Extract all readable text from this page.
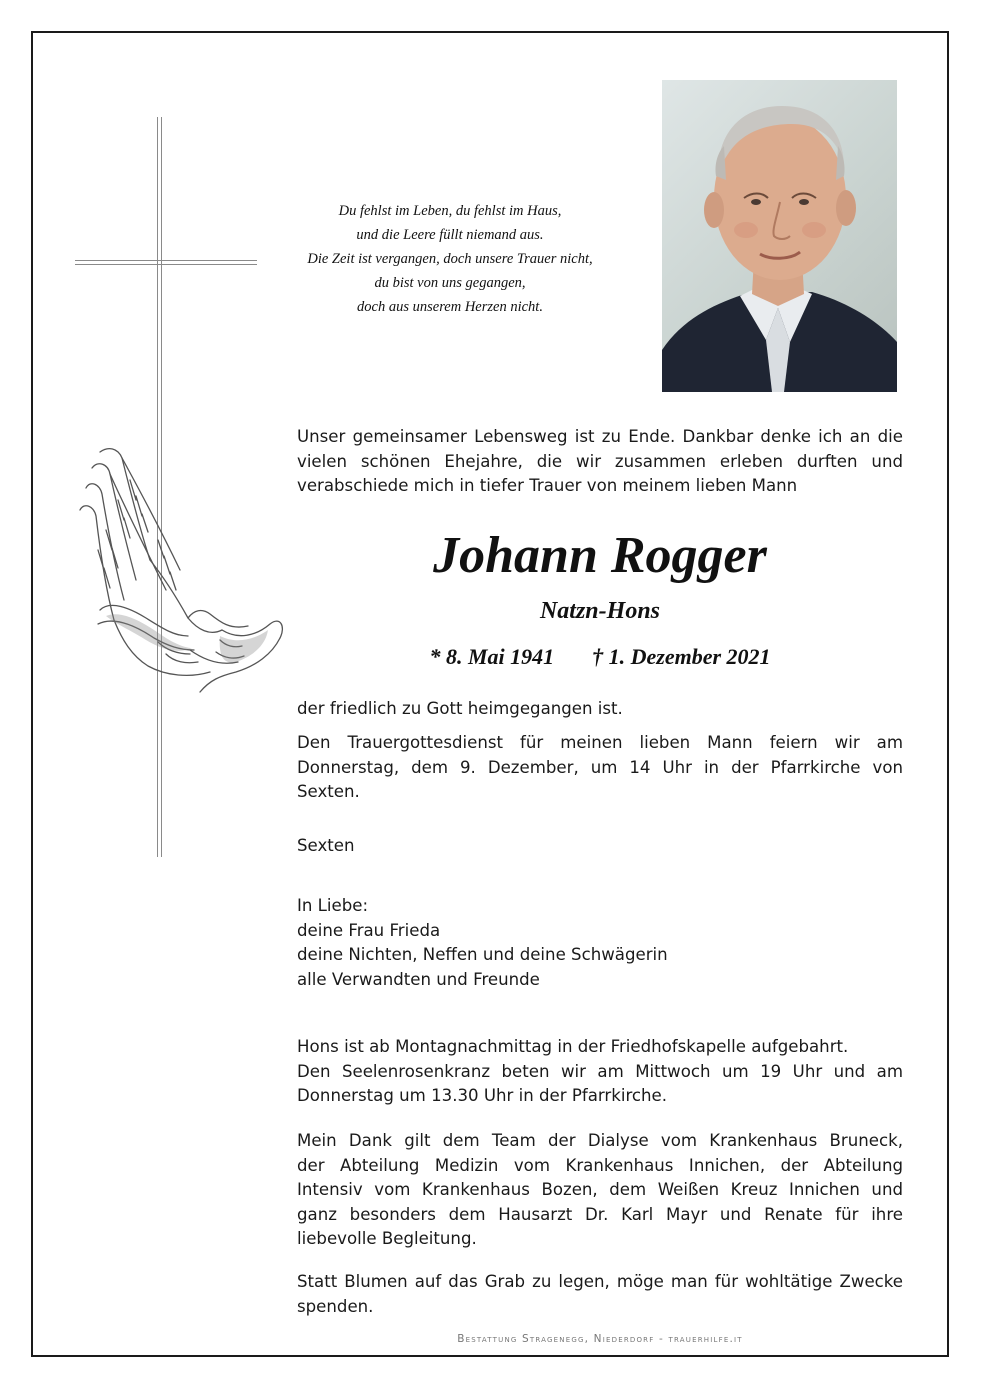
Du fehlst im Leben, du fehlst im Haus,
und die Leere füllt niemand aus.
Die Zeit ist vergangen, doch unsere Trauer nicht,
du bist von uns gegangen,
doch aus unserem Herzen nicht.
Unser gemeinsamer Lebensweg ist zu Ende. Dankbar denke ich an die
vielen schönen Ehejahre, die wir zusammen erleben durften und
verabschiede mich in tiefer Trauer von meinem lieben Mann
Johann Rogger
Natzn-Hons
* 8. Mai 1941 † 1. Dezember 2021
der friedlich zu Gott heimgegangen ist.
Den Trauergottesdienst für meinen lieben Mann feiern wir am
Donnerstag, dem 9. Dezember, um 14 Uhr in der Pfarrkirche von
Sexten.
Sexten
In Liebe:
deine Frau Frieda
deine Nichten, Neffen und deine Schwägerin
alle Verwandten und Freunde
Hons ist ab Montagnachmittag in der Friedhofskapelle aufgebahrt.
Den Seelenrosenkranz beten wir am Mittwoch um 19 Uhr und am
Donnerstag um 13.30 Uhr in der Pfarrkirche.
Mein Dank gilt dem Team der Dialyse vom Krankenhaus Bruneck,
der Abteilung Medizin vom Krankenhaus Innichen, der Abteilung
Intensiv vom Krankenhaus Bozen, dem Weißen Kreuz Innichen und
ganz besonders dem Hausarzt Dr. Karl Mayr und Renate für ihre
liebevolle Begleitung.
Statt Blumen auf das Grab zu legen, möge man für wohltätige Zwecke
spenden.
Bestattung Stragenegg, Niederdorf - trauerhilfe.it
